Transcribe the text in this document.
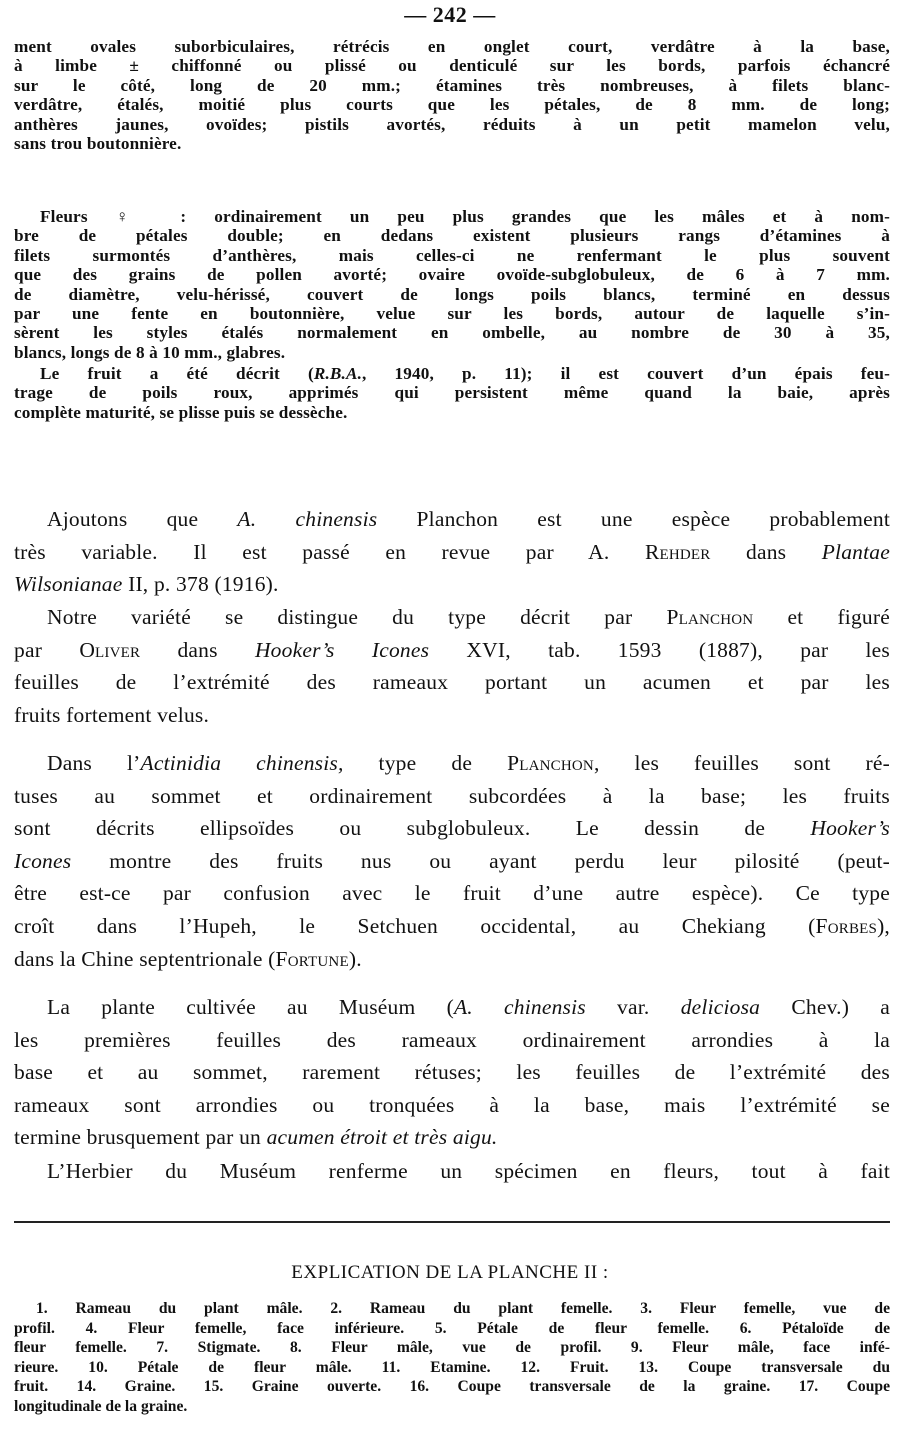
— 242 —
ment ovales suborbiculaires, rétrécis en onglet court, verdâtre à la base,
à limbe ± chiffonné ou plissé ou denticulé sur les bords, parfois échancré
sur le côté, long de 20 mm.; étamines très nombreuses, à filets blanc-
verdâtre, étalés, moitié plus courts que les pétales, de 8 mm. de long;
anthères jaunes, ovoïdes; pistils avortés, réduits à un petit mamelon velu,
sans trou boutonnière.
Fleurs ♀ : ordinairement un peu plus grandes que les mâles et à nom-
bre de pétales double; en dedans existent plusieurs rangs d’étamines à
filets surmontés d’anthères, mais celles-ci ne renfermant le plus souvent
que des grains de pollen avorté; ovaire ovoïde-subglobuleux, de 6 à 7 mm.
de diamètre, velu-hérissé, couvert de longs poils blancs, terminé en dessus
par une fente en boutonnière, velue sur les bords, autour de laquelle s’in-
sèrent les styles étalés normalement en ombelle, au nombre de 30 à 35,
blancs, longs de 8 à 10 mm., glabres.
Le fruit a été décrit (R.B.A., 1940, p. 11); il est couvert d’un épais feu-
trage de poils roux, apprimés qui persistent même quand la baie, après
complète maturité, se plisse puis se dessèche.
Ajoutons que A. chinensis Planchon est une espèce probablement
très variable. Il est passé en revue par A. Rehder dans Plantae
Wilsonianae II, p. 378 (1916).
Notre variété se distingue du type décrit par Planchon et figuré
par Oliver dans Hooker’s Icones XVI, tab. 1593 (1887), par les
feuilles de l’extrémité des rameaux portant un acumen et par les
fruits fortement velus.
Dans l’Actinidia chinensis, type de Planchon, les feuilles sont ré-
tuses au sommet et ordinairement subcordées à la base; les fruits
sont décrits ellipsoïdes ou subglobuleux. Le dessin de Hooker’s
Icones montre des fruits nus ou ayant perdu leur pilosité (peut-
être est-ce par confusion avec le fruit d’une autre espèce). Ce type
croît dans l’Hupeh, le Setchuen occidental, au Chekiang (Forbes),
dans la Chine septentrionale (Fortune).
La plante cultivée au Muséum (A. chinensis var. deliciosa Chev.) a
les premières feuilles des rameaux ordinairement arrondies à la
base et au sommet, rarement rétuses; les feuilles de l’extrémité des
rameaux sont arrondies ou tronquées à la base, mais l’extrémité se
termine brusquement par un acumen étroit et très aigu.
L’Herbier du Muséum renferme un spécimen en fleurs, tout à fait
EXPLICATION DE LA PLANCHE II :
1. Rameau du plant mâle. 2. Rameau du plant femelle. 3. Fleur femelle, vue de
profil. 4. Fleur femelle, face inférieure. 5. Pétale de fleur femelle. 6. Pétaloïde de
fleur femelle. 7. Stigmate. 8. Fleur mâle, vue de profil. 9. Fleur mâle, face infé-
rieure. 10. Pétale de fleur mâle. 11. Etamine. 12. Fruit. 13. Coupe transversale du
fruit. 14. Graine. 15. Graine ouverte. 16. Coupe transversale de la graine. 17. Coupe
longitudinale de la graine.
